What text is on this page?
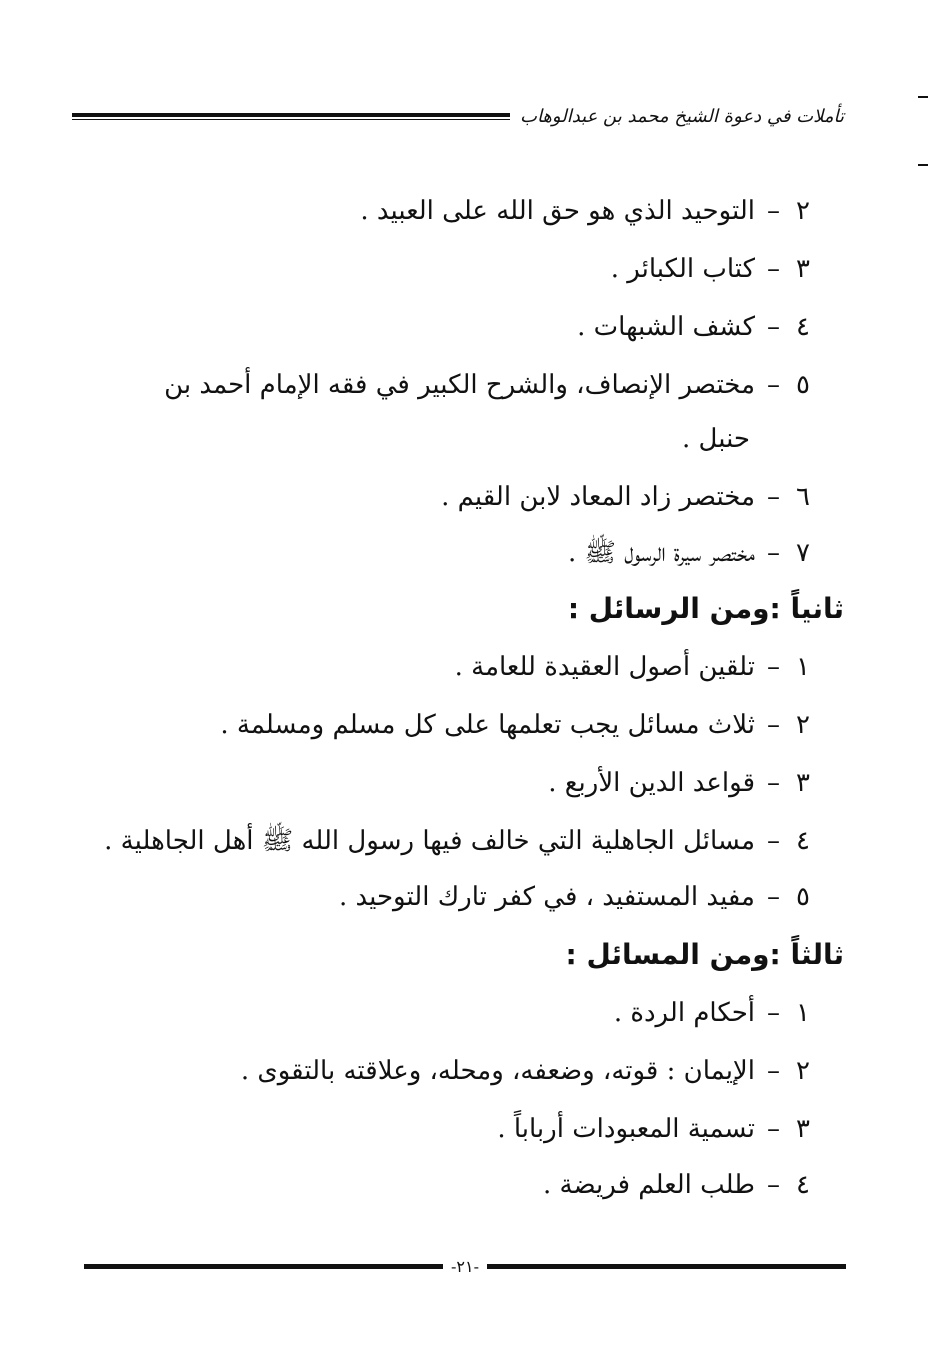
تأملات في دعوة الشيخ محمد بن عبدالوهاب
٢–التوحيد الذي هو حق الله على العبيد .
٣–كتاب الكبائر .
٤–كشف الشبهات .
٥–مختصر الإنصاف، والشرح الكبير في فقه الإمام أحمد بن
حنبل .
٦–مختصر زاد المعاد لابن القيم .
٧–مختصر سيرة الرسول ﷺ .
ثانياً :ومن الرسائل :
١–تلقين أصول العقيدة للعامة .
٢–ثلاث مسائل يجب تعلمها على كل مسلم ومسلمة .
٣–قواعد الدين الأربع .
٤–مسائل الجاهلية التي خالف فيها رسول الله ﷺ أهل الجاهلية .
٥–مفيد المستفيد ، في كفر تارك التوحيد .
ثالثاً :ومن المسائل :
١–أحكام الردة .
٢–الإيمان : قوته، وضعفه، ومحله، وعلاقته بالتقوى .
٣–تسمية المعبودات أرباباً .
٤–طلب العلم فريضة .
-٢١-
